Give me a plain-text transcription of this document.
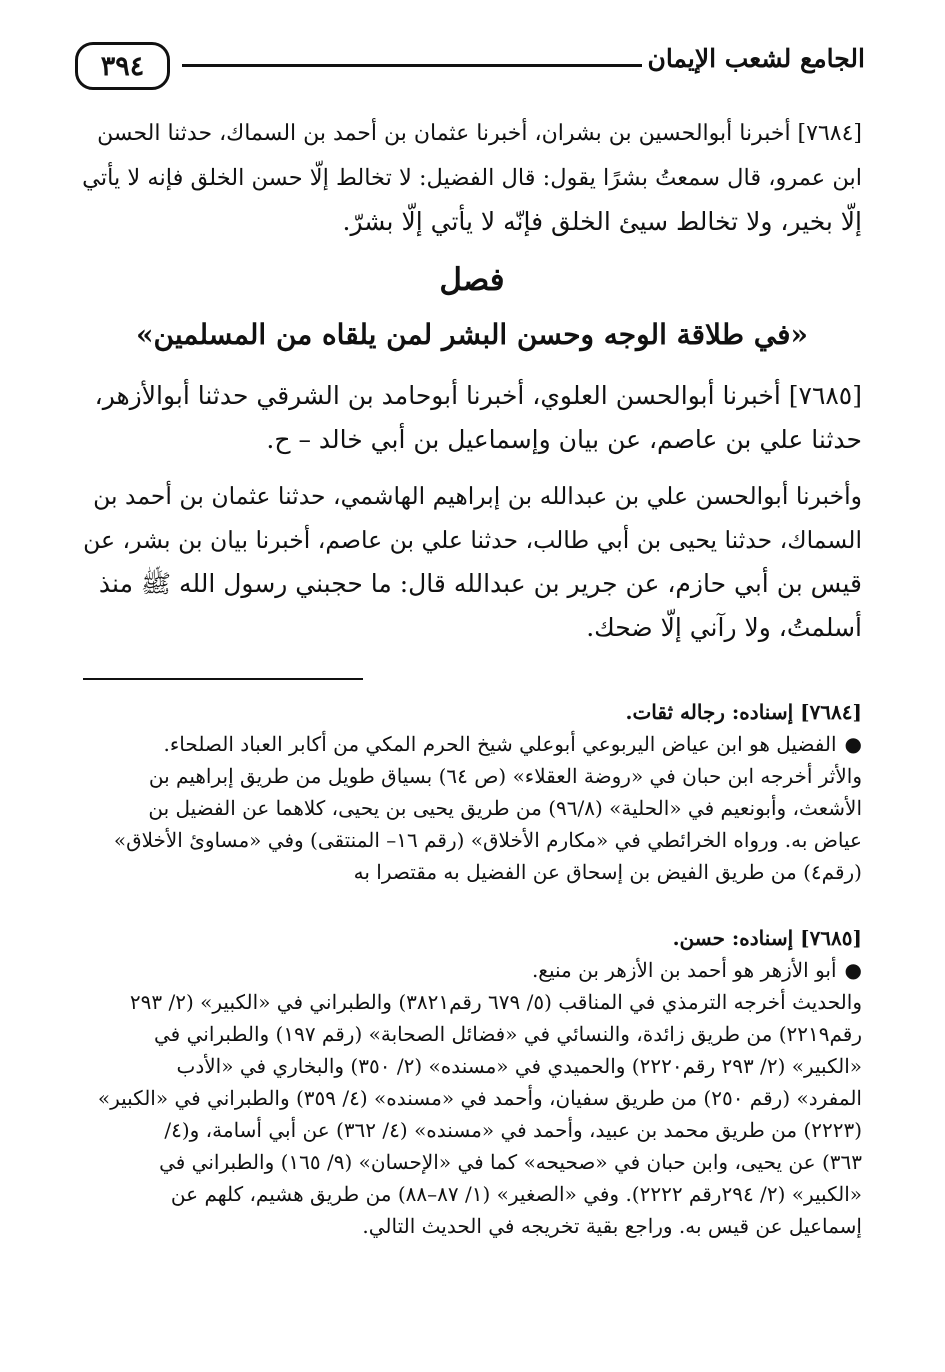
٣٩٤	الجامع لشعب الإيمان
[٧٦٨٤] أخبرنا أبوالحسين بن بشران، أخبرنا عثمان بن أحمد بن السماك، حدثنا الحسن
ابن عمرو، قال سمعتُ بشرًا يقول: قال الفضيل: لا تخالط إلّا حسن الخلق فإنه لا يأتي
إلّا بخير، ولا تخالط سيئ الخلق فإنّه لا يأتي إلّا بشرّ.
فصل
«في طلاقة الوجه وحسن البشر لمن يلقاه من المسلمين»
[٧٦٨٥] أخبرنا أبوالحسن العلوي، أخبرنا أبوحامد بن الشرقي حدثنا أبوالأزهر،
حدثنا علي بن عاصم، عن بيان وإسماعيل بن أبي خالد – ح.
وأخبرنا أبوالحسن علي بن عبدالله بن إبراهيم الهاشمي، حدثنا عثمان بن أحمد بن
السماك، حدثنا يحيى بن أبي طالب، حدثنا علي بن عاصم، أخبرنا بيان بن بشر، عن
قيس بن أبي حازم، عن جرير بن عبدالله قال: ما حجبني رسول الله ﷺ منذ
أسلمتُ، ولا رآني إلّا ضحك.
[٧٦٨٤] إسناده: رجاله ثقات.
●الفضيل هو ابن عياض اليربوعي أبوعلي شيخ الحرم المكي من أكابر العباد الصلحاء.
والأثر أخرجه ابن حبان في «روضة العقلاء» (ص ٦٤) بسياق طويل من طريق إبراهيم بن
الأشعث، وأبونعيم في «الحلية» (٩٦/٨) من طريق يحيى بن يحيى، كلاهما عن الفضيل بن
عياض به. ورواه الخرائطي في «مكارم الأخلاق» (رقم ١٦– المنتقى) وفي «مساوئ الأخلاق»
(رقم٤) من طريق الفيض بن إسحاق عن الفضيل به مقتصرا به
[٧٦٨٥] إسناده: حسن.
●أبو الأزهر هو أحمد بن الأزهر بن منيع.
والحديث أخرجه الترمذي في المناقب (٥/ ٦٧٩ رقم٣٨٢١) والطبراني في «الكبير» (٢/ ٢٩٣
رقم٢٢١٩) من طريق زائدة، والنسائي في «فضائل الصحابة» (رقم ١٩٧) والطبراني في
«الكبير» (٢/ ٢٩٣ رقم٢٢٢٠) والحميدي في «مسنده» (٢/ ٣٥٠) والبخاري في «الأدب
المفرد» (رقم ٢٥٠) من طريق سفيان، وأحمد في «مسنده» (٤/ ٣٥٩) والطبراني في «الكبير»
(٢٢٢٣) من طريق محمد بن عبيد، وأحمد في «مسنده» (٤/ ٣٦٢) عن أبي أسامة، و(٤/
٣٦٣) عن يحيى، وابن حبان في «صحيحه» كما في «الإحسان» (٩/ ١٦٥) والطبراني في
«الكبير» (٢/ ٢٩٤رقم ٢٢٢٢). وفي «الصغير» (١/ ٨٧–٨٨) من طريق هشيم، كلهم عن
إسماعيل عن قيس به. وراجع بقية تخريجه في الحديث التالي.
